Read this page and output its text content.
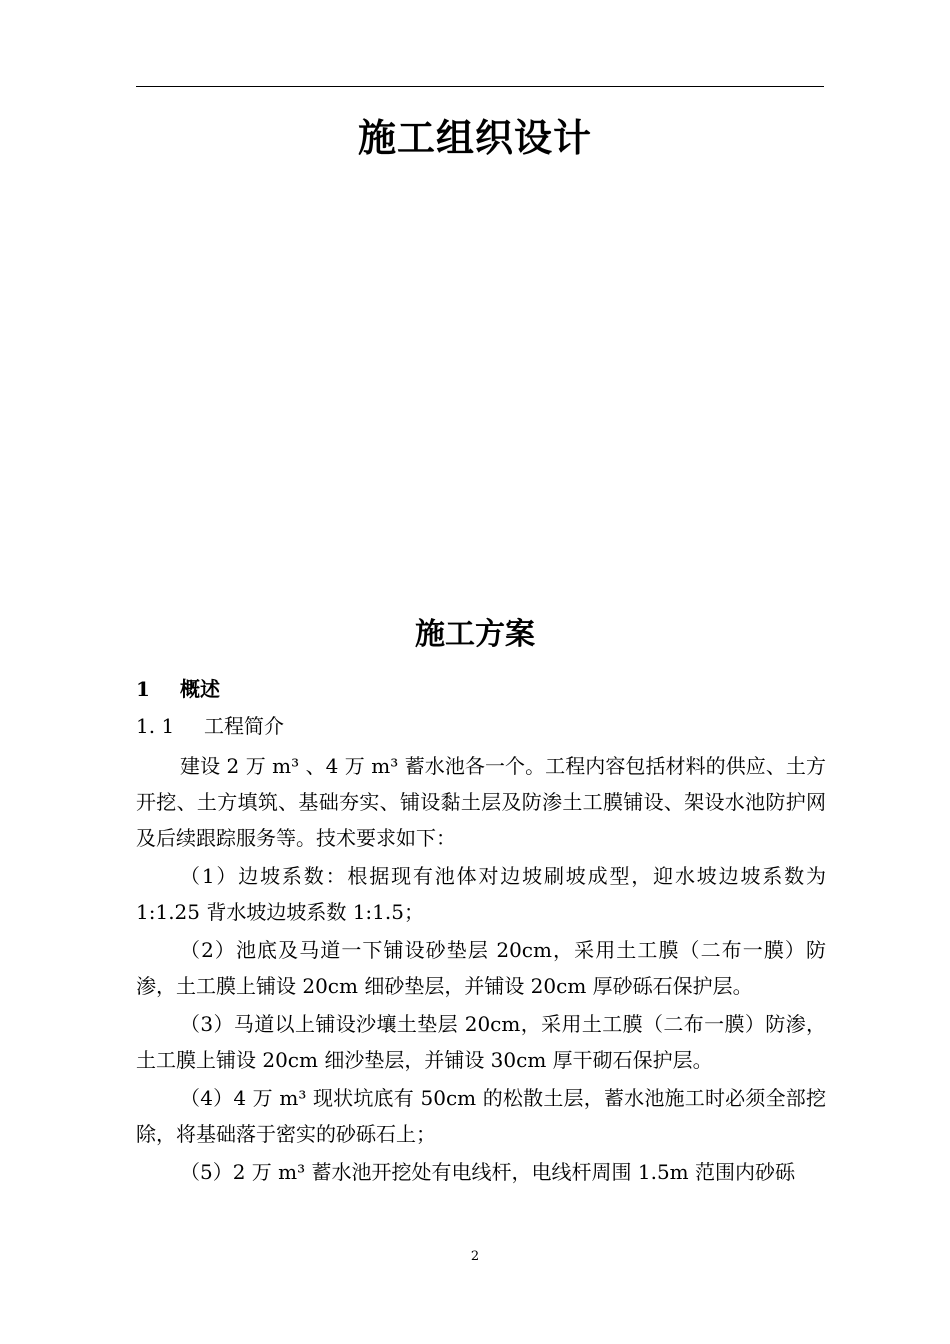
施工组织设计
施工方案
1 概述
1. 1 工程简介

建设 2 万 m³ 、4 万 m³ 蓄水池各一个。工程内容包括材料的供应、土方开挖、土方填筑、基础夯实、铺设黏土层及防渗土工膜铺设、架设水池防护网及后续跟踪服务等。技术要求如下：

（1）边坡系数：根据现有池体对边坡刷坡成型，迎水坡边坡系数为 1:1.25 背水坡边坡系数 1:1.5；

（2）池底及马道一下铺设砂垫层 20cm，采用土工膜（二布一膜）防渗，土工膜上铺设 20cm 细砂垫层，并铺设 20cm 厚砂砾石保护层。

（3）马道以上铺设沙壤土垫层 20cm，采用土工膜（二布一膜）防渗，土工膜上铺设 20cm 细沙垫层，并铺设 30cm 厚干砌石保护层。

（4）4 万 m³ 现状坑底有 50cm 的松散土层，蓄水池施工时必须全部挖除，将基础落于密实的砂砾石上；

（5）2 万 m³ 蓄水池开挖处有电线杆，电线杆周围 1.5m 范围内砂砾

2
